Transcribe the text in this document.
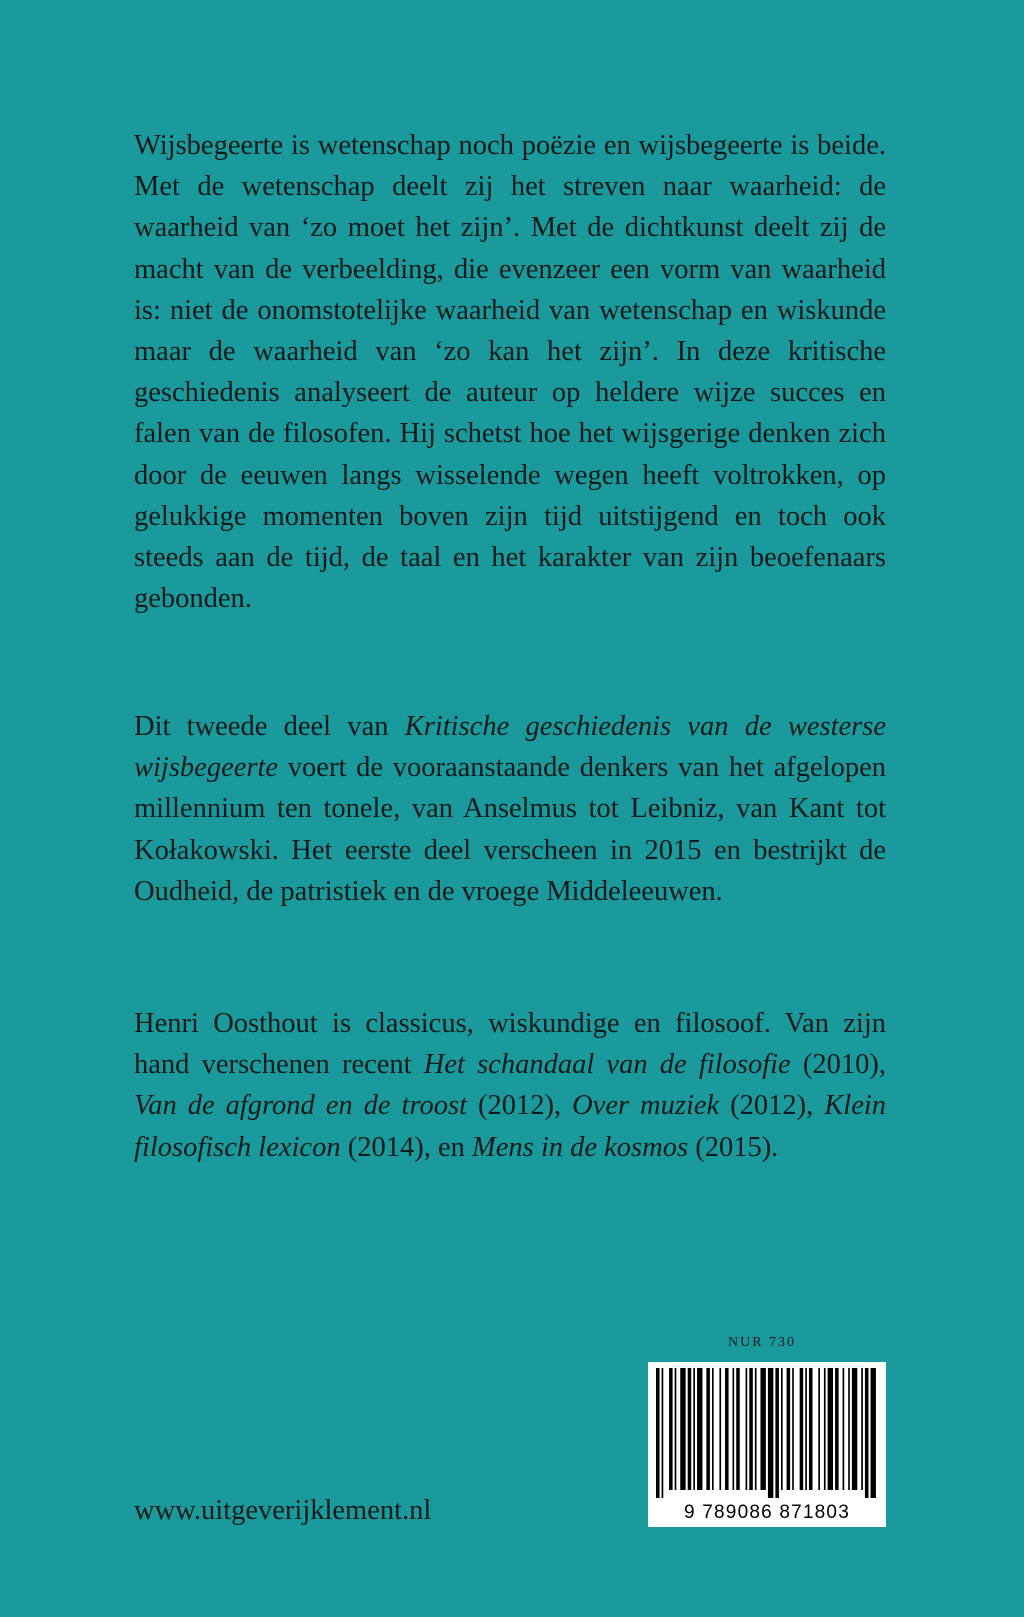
Wijsbegeerte is wetenschap noch poëzie en wijsbegeerte is beide. Met de wetenschap deelt zij het streven naar waarheid: de waarheid van ‘zo moet het zijn’. Met de dichtkunst deelt zij de macht van de verbeelding, die evenzeer een vorm van waarheid is: niet de onomstotelijke waarheid van wetenschap en wiskunde maar de waarheid van ‘zo kan het zijn’. In deze kritische geschiedenis analyseert de auteur op heldere wijze succes en falen van de filosofen. Hij schetst hoe het wijsgerige denken zich door de eeuwen langs wisselende wegen heeft voltrokken, op gelukkige momenten boven zijn tijd uitstijgend en toch ook steeds aan de tijd, de taal en het karakter van zijn beoefenaars gebonden.

Dit tweede deel van Kritische geschiedenis van de westerse wijsbegeerte voert de vooraanstaande denkers van het afgelopen millennium ten tonele, van Anselmus tot Leibniz, van Kant tot Kołakowski. Het eerste deel verscheen in 2015 en bestrijkt de Oudheid, de patristiek en de vroege Middeleeuwen.

Henri Oosthout is classicus, wiskundige en filosoof. Van zijn hand verschenen recent Het schandaal van de filosofie (2010), Van de afgrond en de troost (2012), Over muziek (2012), Klein filosofisch lexicon (2014), en Mens in de kosmos (2015).

NUR 730
9 789086 871803
www.uitgeverijklement.nl
